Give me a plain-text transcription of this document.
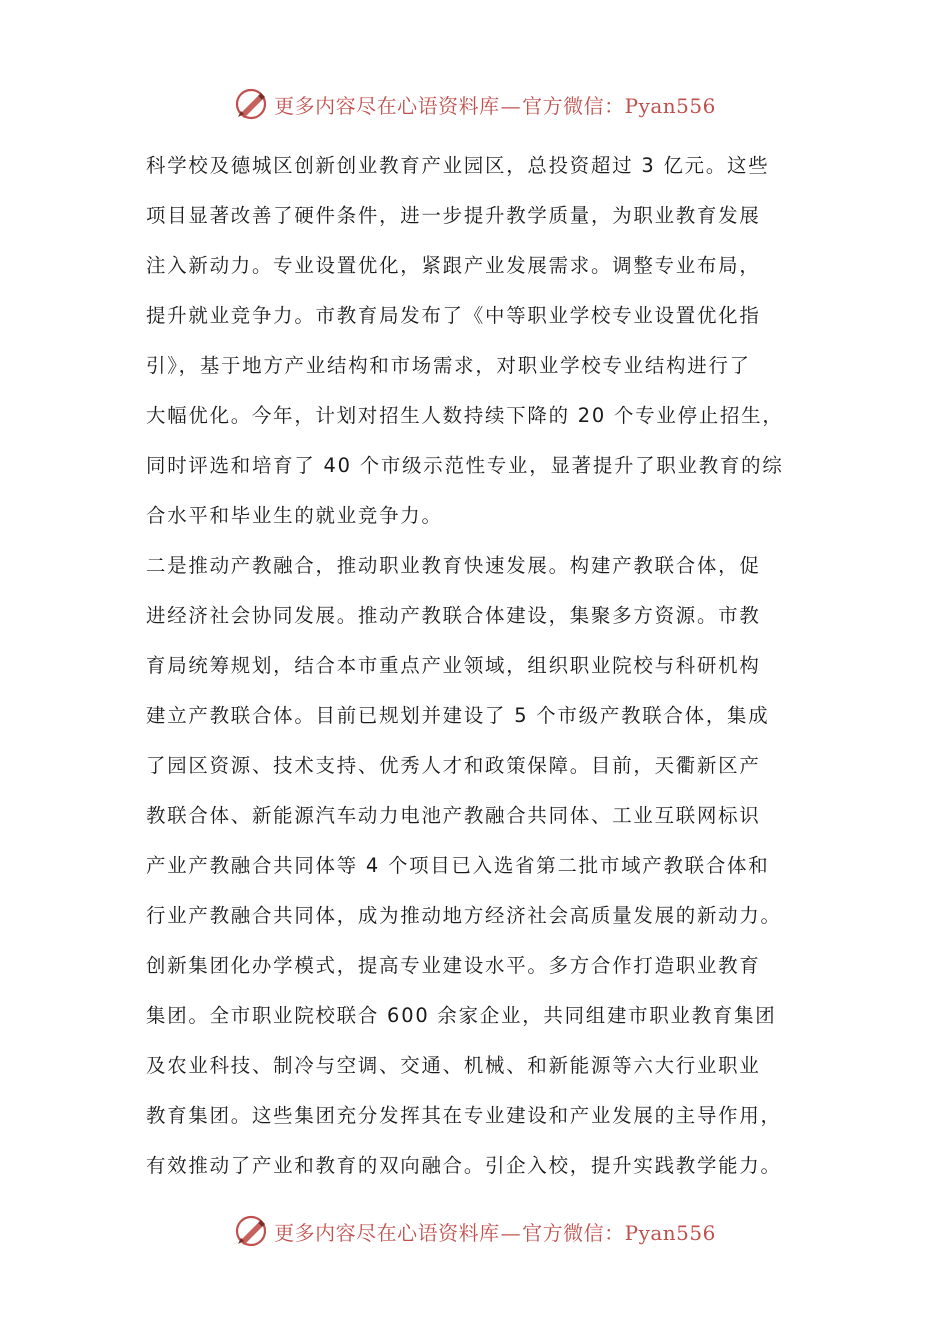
更多内容尽在心语资料库—官方微信：Pyan556
科学校及德城区创新创业教育产业园区，总投资超过 3 亿元。这些
项目显著改善了硬件条件，进一步提升教学质量，为职业教育发展
注入新动力。专业设置优化，紧跟产业发展需求。调整专业布局，
提升就业竞争力。市教育局发布了《中等职业学校专业设置优化指
引》，基于地方产业结构和市场需求，对职业学校专业结构进行了
大幅优化。今年，计划对招生人数持续下降的 20 个专业停止招生，
同时评选和培育了 40 个市级示范性专业，显著提升了职业教育的综
合水平和毕业生的就业竞争力。
二是推动产教融合，推动职业教育快速发展。构建产教联合体，促
进经济社会协同发展。推动产教联合体建设，集聚多方资源。市教
育局统筹规划，结合本市重点产业领域，组织职业院校与科研机构
建立产教联合体。目前已规划并建设了 5 个市级产教联合体，集成
了园区资源、技术支持、优秀人才和政策保障。目前，天衢新区产
教联合体、新能源汽车动力电池产教融合共同体、工业互联网标识
产业产教融合共同体等 4 个项目已入选省第二批市域产教联合体和
行业产教融合共同体，成为推动地方经济社会高质量发展的新动力。
创新集团化办学模式，提高专业建设水平。多方合作打造职业教育
集团。全市职业院校联合 600 余家企业，共同组建市职业教育集团
及农业科技、制冷与空调、交通、机械、和新能源等六大行业职业
教育集团。这些集团充分发挥其在专业建设和产业发展的主导作用，
有效推动了产业和教育的双向融合。引企入校，提升实践教学能力。
更多内容尽在心语资料库—官方微信：Pyan556
